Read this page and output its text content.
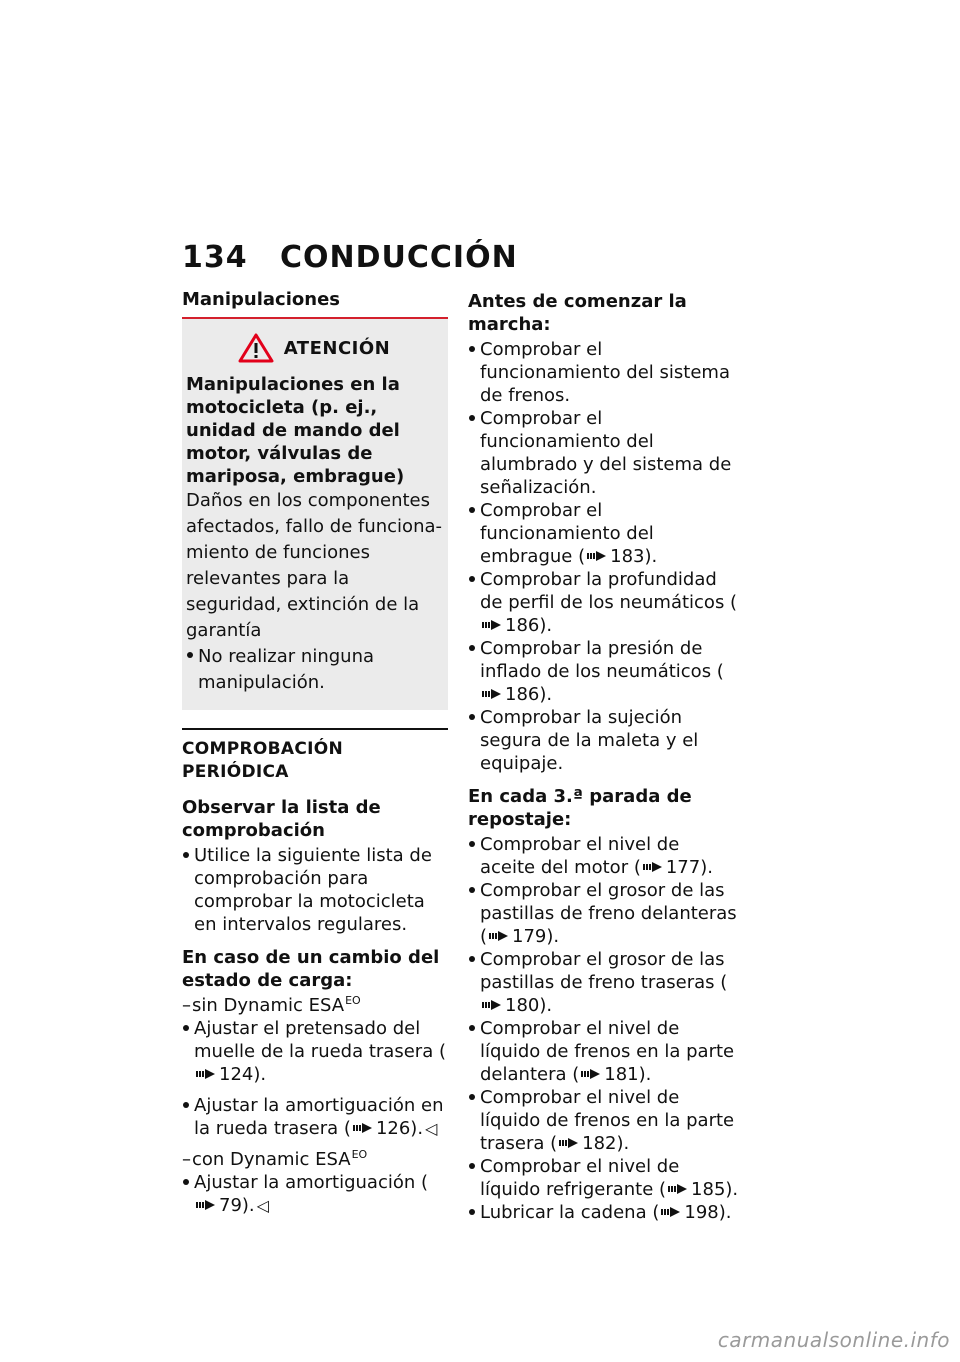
134 CONDUCCIÓN

Manipulaciones

ATENCIÓN
Manipulaciones en la motocicleta (p. ej., unidad de mando del motor, válvulas de mariposa, embrague)
Daños en los componentes afectados, fallo de funcionamiento de funciones relevantes para la seguridad, extinción de la garantía
No realizar ninguna manipulación.
COMPROBACIÓN PERIÓDICA

Observar la lista de comprobación

Utilice la siguiente lista de comprobación para comprobar la motocicleta en intervalos regulares.

En caso de un cambio del estado de carga:

– sin Dynamic $ESA^{EO}$
Ajustar el pretensado del muelle de la rueda trasera (124).
Ajustar la amortiguación en la rueda trasera ( 126). ◁
– con Dynamic $ESA^{EO}$
Ajustar la amortiguación (79). ◁

Antes de comenzar la marcha:

Comprobar el funcionamiento del sistema de frenos.
Comprobar el funcionamiento del alumbrado y del sistema de señalización.
Comprobar el funcionamiento del embrague ( 183).
Comprobar la profundidad de perfil de los neumáticos (186).
Comprobar la presión de inflado de los neumáticos (186).
Comprobar la sujeción segura de la maleta y el equipaje.

En cada 3.ª parada de repostaje:

Comprobar el nivel de aceite del motor ( 177).
Comprobar el grosor de las pastillas de freno delanteras ( 179).
Comprobar el grosor de las pastillas de freno traseras (180).
Comprobar el nivel de líquido de frenos en la parte delantera ( 181).
Comprobar el nivel de líquido de frenos en la parte trasera ( 182).
Comprobar el nivel de líquido refrigerante ( 185).
Lubricar la cadena ( 198).
carmanualsonline.info
